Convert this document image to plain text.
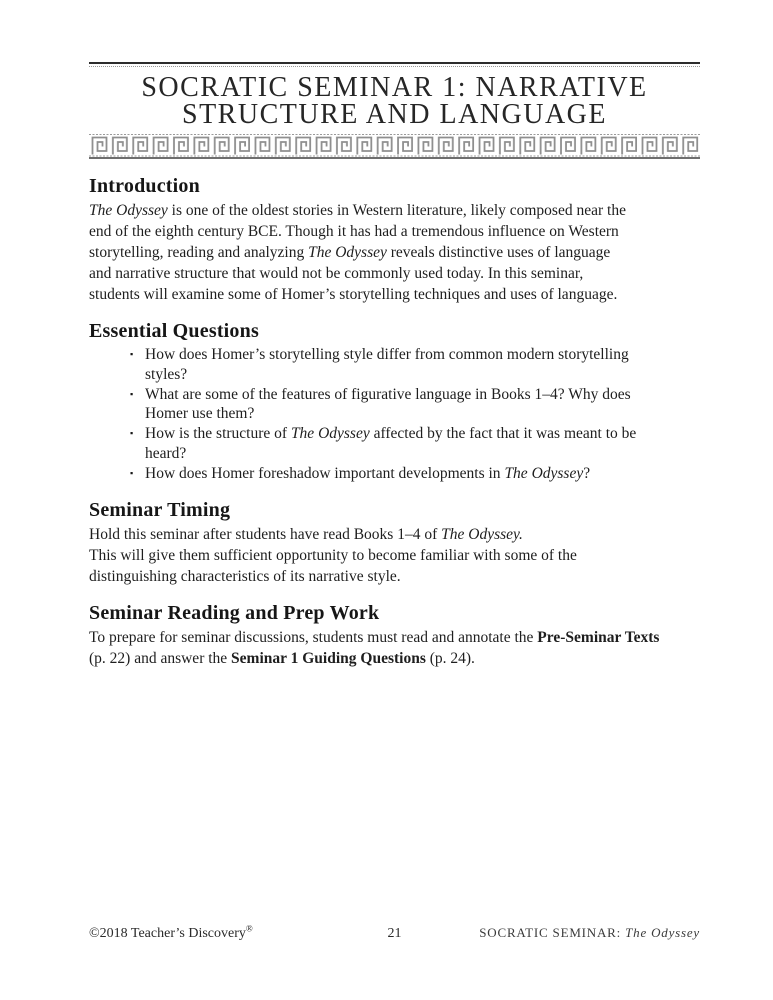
SOCRATIC SEMINAR 1: NARRATIVE
STRUCTURE AND LANGUAGE
Introduction

The Odyssey is one of the oldest stories in Western literature, likely composed near the
end of the eighth century BCE. Though it has had a tremendous influence on Western
storytelling, reading and analyzing The Odyssey reveals distinctive uses of language
and narrative structure that would not be commonly used today. In this seminar,
students will examine some of Homer’s storytelling techniques and uses of language.

Essential Questions
▪ How does Homer’s storytelling style differ from common modern storytelling
styles?
▪ What are some of the features of figurative language in Books 1–4? Why does
Homer use them?
▪ How is the structure of The Odyssey affected by the fact that it was meant to be
heard?
▪ How does Homer foreshadow important developments in The Odyssey?
Seminar Timing

Hold this seminar after students have read Books 1–4 of The Odyssey.
This will give them sufficient opportunity to become familiar with some of the
distinguishing characteristics of its narrative style.

Seminar Reading and Prep Work

To prepare for seminar discussions, students must read and annotate the Pre-Seminar Texts
(p. 22) and answer the Seminar 1 Guiding Questions (p. 24).

©2018 Teacher’s Discovery®	21	SOCRATIC SEMINAR: The Odyssey
